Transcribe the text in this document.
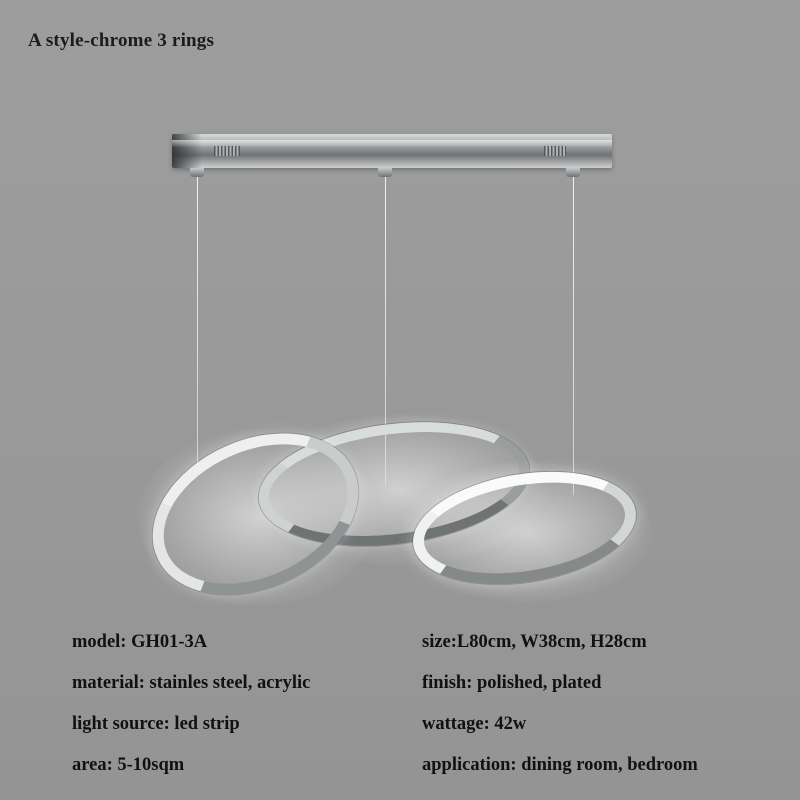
A style-chrome 3 rings
model: GH01-3A	size:L80cm, W38cm, H28cm
material: stainles steel, acrylic	finish: polished, plated
light source: led strip	wattage: 42w
area: 5-10sqm	application: dining room, bedroom
